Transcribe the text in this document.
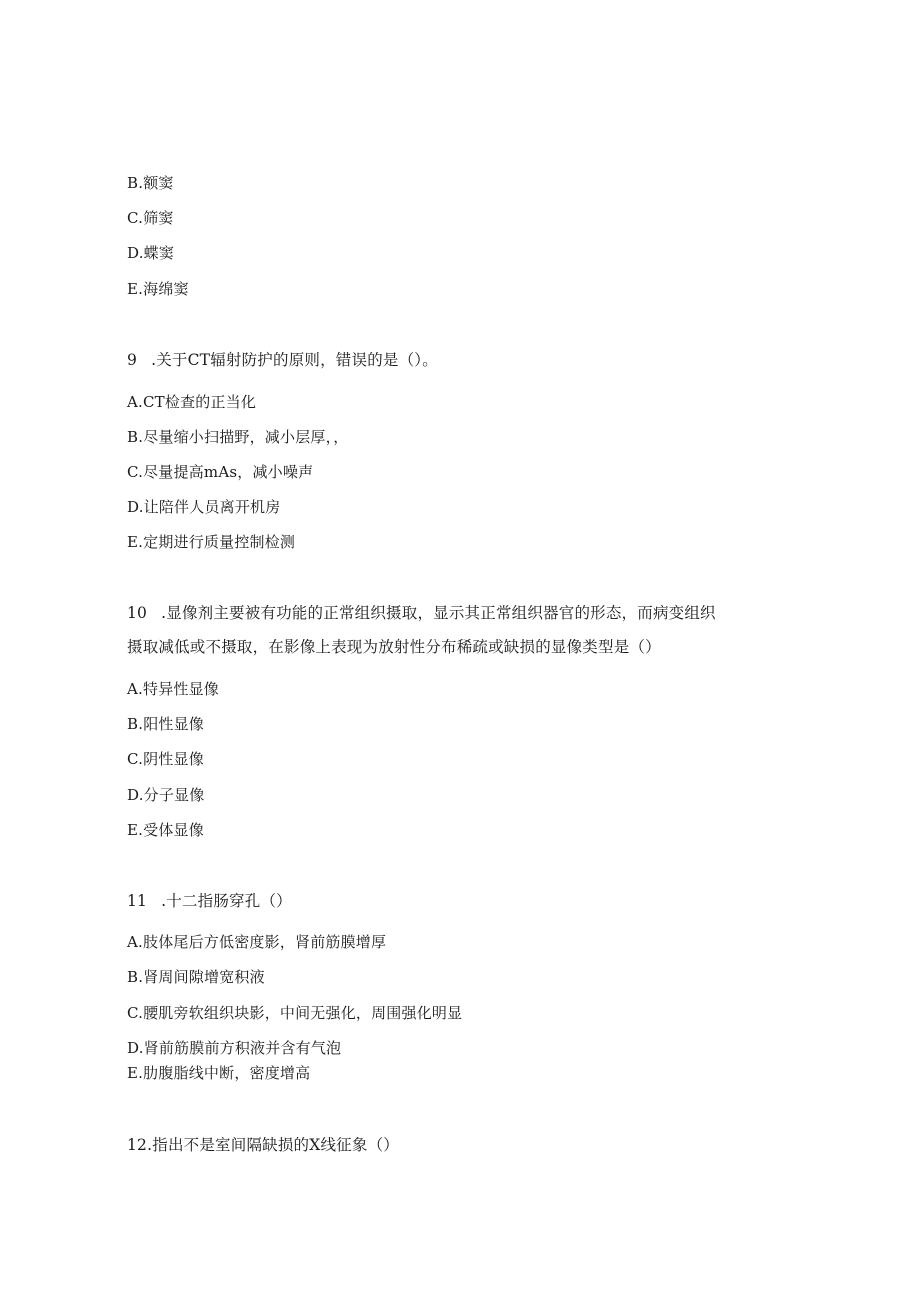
B.额窦
C.筛窦
D.蝶窦
E.海绵窦
9 .关于CT辐射防护的原则，错误的是（）。
A.CT检查的正当化
B.尽量缩小扫描野，减小层厚，，
C.尽量提高mAs，减小噪声
D.让陪伴人员离开机房
E.定期进行质量控制检测
10 .显像剂主要被有功能的正常组织摄取，显示其正常组织器官的形态，而病变组织
摄取减低或不摄取，在影像上表现为放射性分布稀疏或缺损的显像类型是（）
A.特异性显像
B.阳性显像
C.阴性显像
D.分子显像
E.受体显像
11 .十二指肠穿孔（）
A.肢体尾后方低密度影，肾前筋膜增厚
B.肾周间隙增宽积液
C.腰肌旁软组织块影，中间无强化，周围强化明显
D.肾前筋膜前方积液并含有气泡
E.肋腹脂线中断，密度增高
12.指出不是室间隔缺损的X线征象（）
